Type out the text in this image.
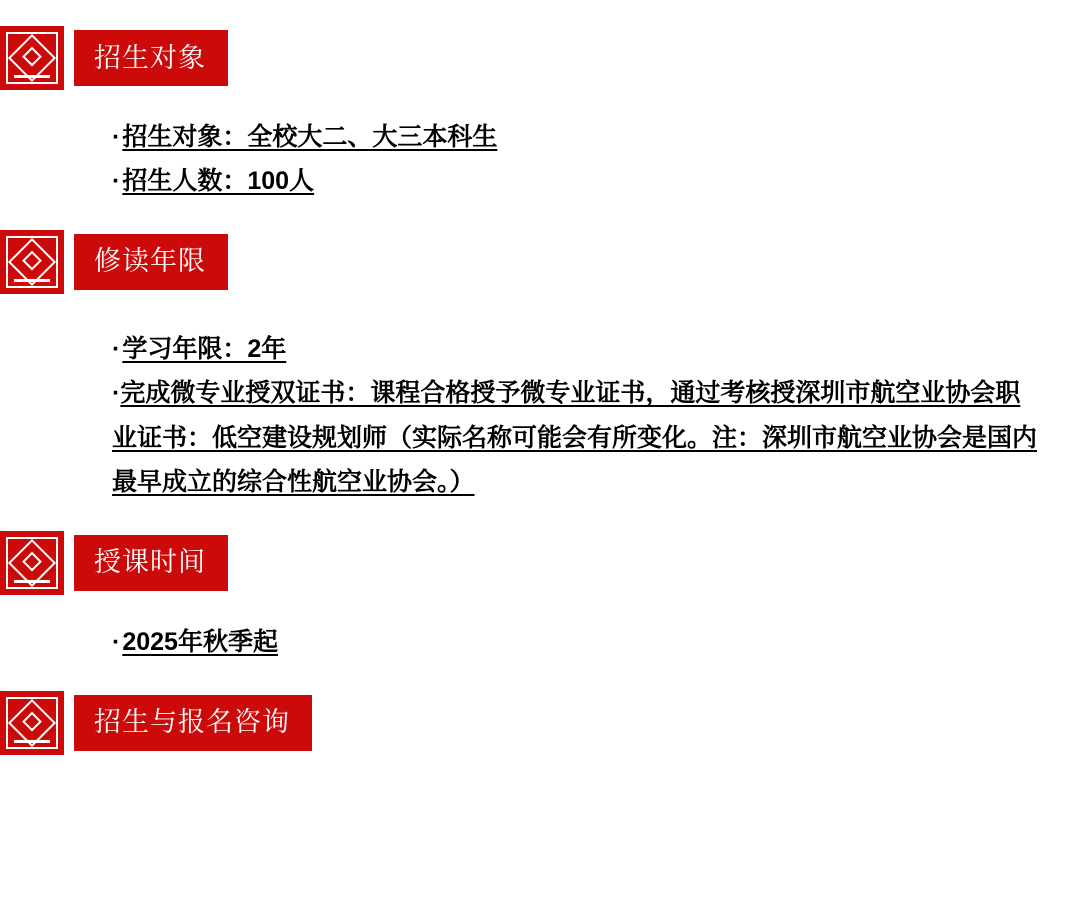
招生对象

·招生对象：全校大二、大三本科生

·招生人数：100人

修读年限

·学习年限：2年

·完成微专业授双证书：课程合格授予微专业证书，通过考核授深圳市航空业协会职业证书：低空建设规划师（实际名称可能会有所变化。注：深圳市航空业协会是国内最早成立的综合性航空业协会。）
授课时间

·2025年秋季起

招生与报名咨询
